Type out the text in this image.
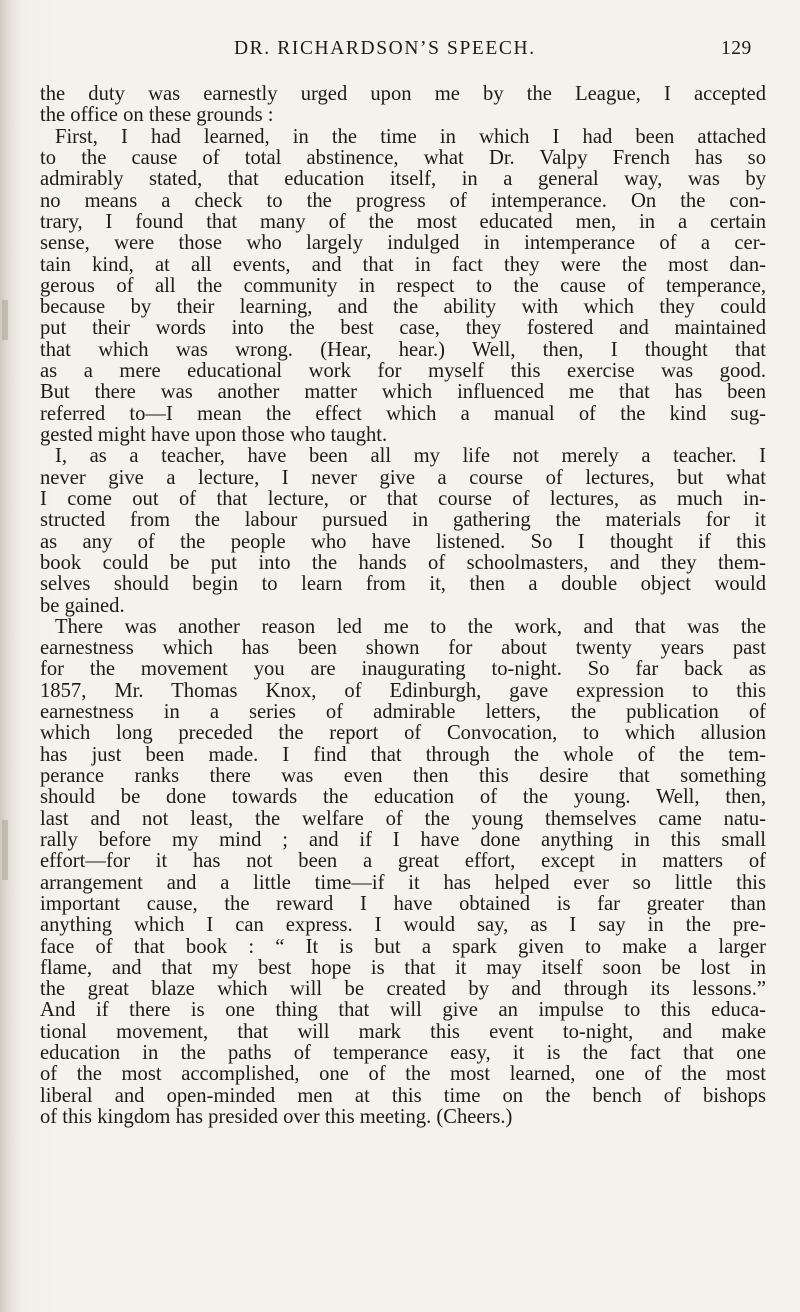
DR. RICHARDSON’S SPEECH.	129
the duty was earnestly urged upon me by the League, I accepted
the office on these grounds :
First, I had learned, in the time in which I had been attached
to the cause of total abstinence, what Dr. Valpy French has so
admirably stated, that education itself, in a general way, was by
no means a check to the progress of intemperance. On the con-
trary, I found that many of the most educated men, in a certain
sense, were those who largely indulged in intemperance of a cer-
tain kind, at all events, and that in fact they were the most dan-
gerous of all the community in respect to the cause of temperance,
because by their learning, and the ability with which they could
put their words into the best case, they fostered and maintained
that which was wrong. (Hear, hear.) Well, then, I thought that
as a mere educational work for myself this exercise was good.
But there was another matter which influenced me that has been
referred to—I mean the effect which a manual of the kind sug-
gested might have upon those who taught.
I, as a teacher, have been all my life not merely a teacher. I
never give a lecture, I never give a course of lectures, but what
I come out of that lecture, or that course of lectures, as much in-
structed from the labour pursued in gathering the materials for it
as any of the people who have listened. So I thought if this
book could be put into the hands of schoolmasters, and they them-
selves should begin to learn from it, then a double object would
be gained.
There was another reason led me to the work, and that was the
earnestness which has been shown for about twenty years past
for the movement you are inaugurating to-night. So far back as
1857, Mr. Thomas Knox, of Edinburgh, gave expression to this
earnestness in a series of admirable letters, the publication of
which long preceded the report of Convocation, to which allusion
has just been made. I find that through the whole of the tem-
perance ranks there was even then this desire that something
should be done towards the education of the young. Well, then,
last and not least, the welfare of the young themselves came natu-
rally before my mind ; and if I have done anything in this small
effort—for it has not been a great effort, except in matters of
arrangement and a little time—if it has helped ever so little this
important cause, the reward I have obtained is far greater than
anything which I can express. I would say, as I say in the pre-
face of that book : “ It is but a spark given to make a larger
flame, and that my best hope is that it may itself soon be lost in
the great blaze which will be created by and through its lessons.”
And if there is one thing that will give an impulse to this educa-
tional movement, that will mark this event to-night, and make
education in the paths of temperance easy, it is the fact that one
of the most accomplished, one of the most learned, one of the most
liberal and open-minded men at this time on the bench of bishops
of this kingdom has presided over this meeting. (Cheers.)
